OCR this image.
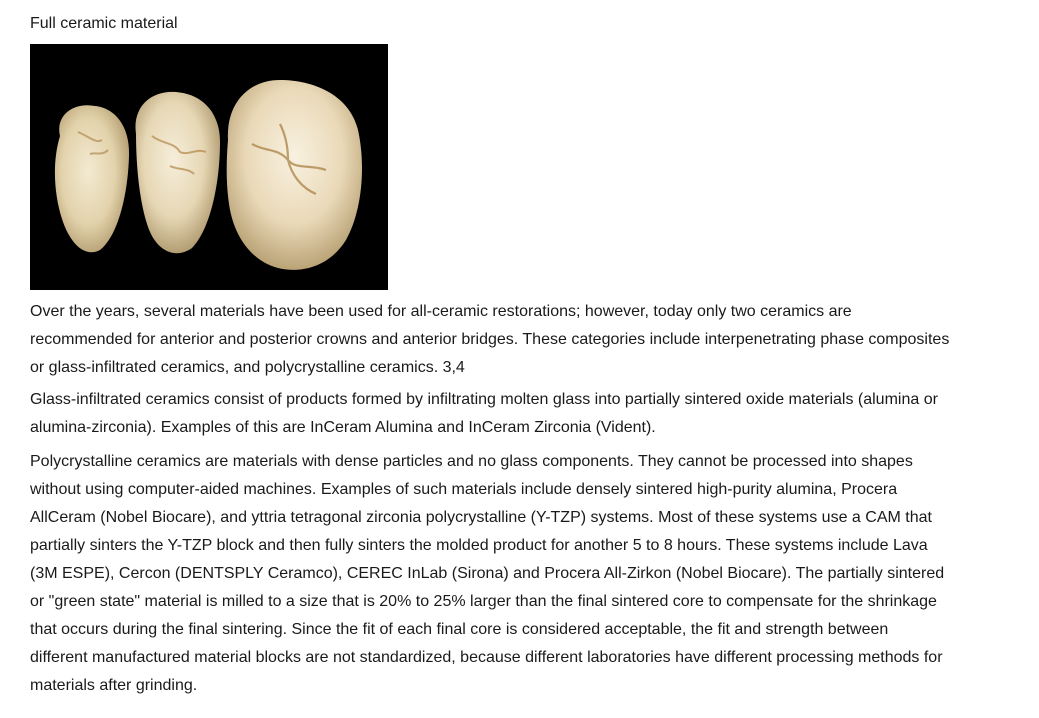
Full ceramic material

Over the years, several materials have been used for all-ceramic restorations; however, today only two ceramics are recommended for anterior and posterior crowns and anterior bridges. These categories include interpenetrating phase composites or glass-infiltrated ceramics, and polycrystalline ceramics. 3,4

Glass-infiltrated ceramics consist of products formed by infiltrating molten glass into partially sintered oxide materials (alumina or alumina-zirconia). Examples of this are InCeram Alumina and InCeram Zirconia (Vident).

Polycrystalline ceramics are materials with dense particles and no glass components. They cannot be processed into shapes without using computer-aided machines. Examples of such materials include densely sintered high-purity alumina, Procera AllCeram (Nobel Biocare), and yttria tetragonal zirconia polycrystalline (Y-TZP) systems. Most of these systems use a CAM that partially sinters the Y-TZP block and then fully sinters the molded product for another 5 to 8 hours. These systems include Lava (3M ESPE), Cercon (DENTSPLY Ceramco), CEREC InLab (Sirona) and Procera All-Zirkon (Nobel Biocare). The partially sintered or "green state" material is milled to a size that is 20% to 25% larger than the final sintered core to compensate for the shrinkage that occurs during the final sintering. Since the fit of each final core is considered acceptable, the fit and strength between different manufactured material blocks are not standardized, because different laboratories have different processing methods for materials after grinding.
